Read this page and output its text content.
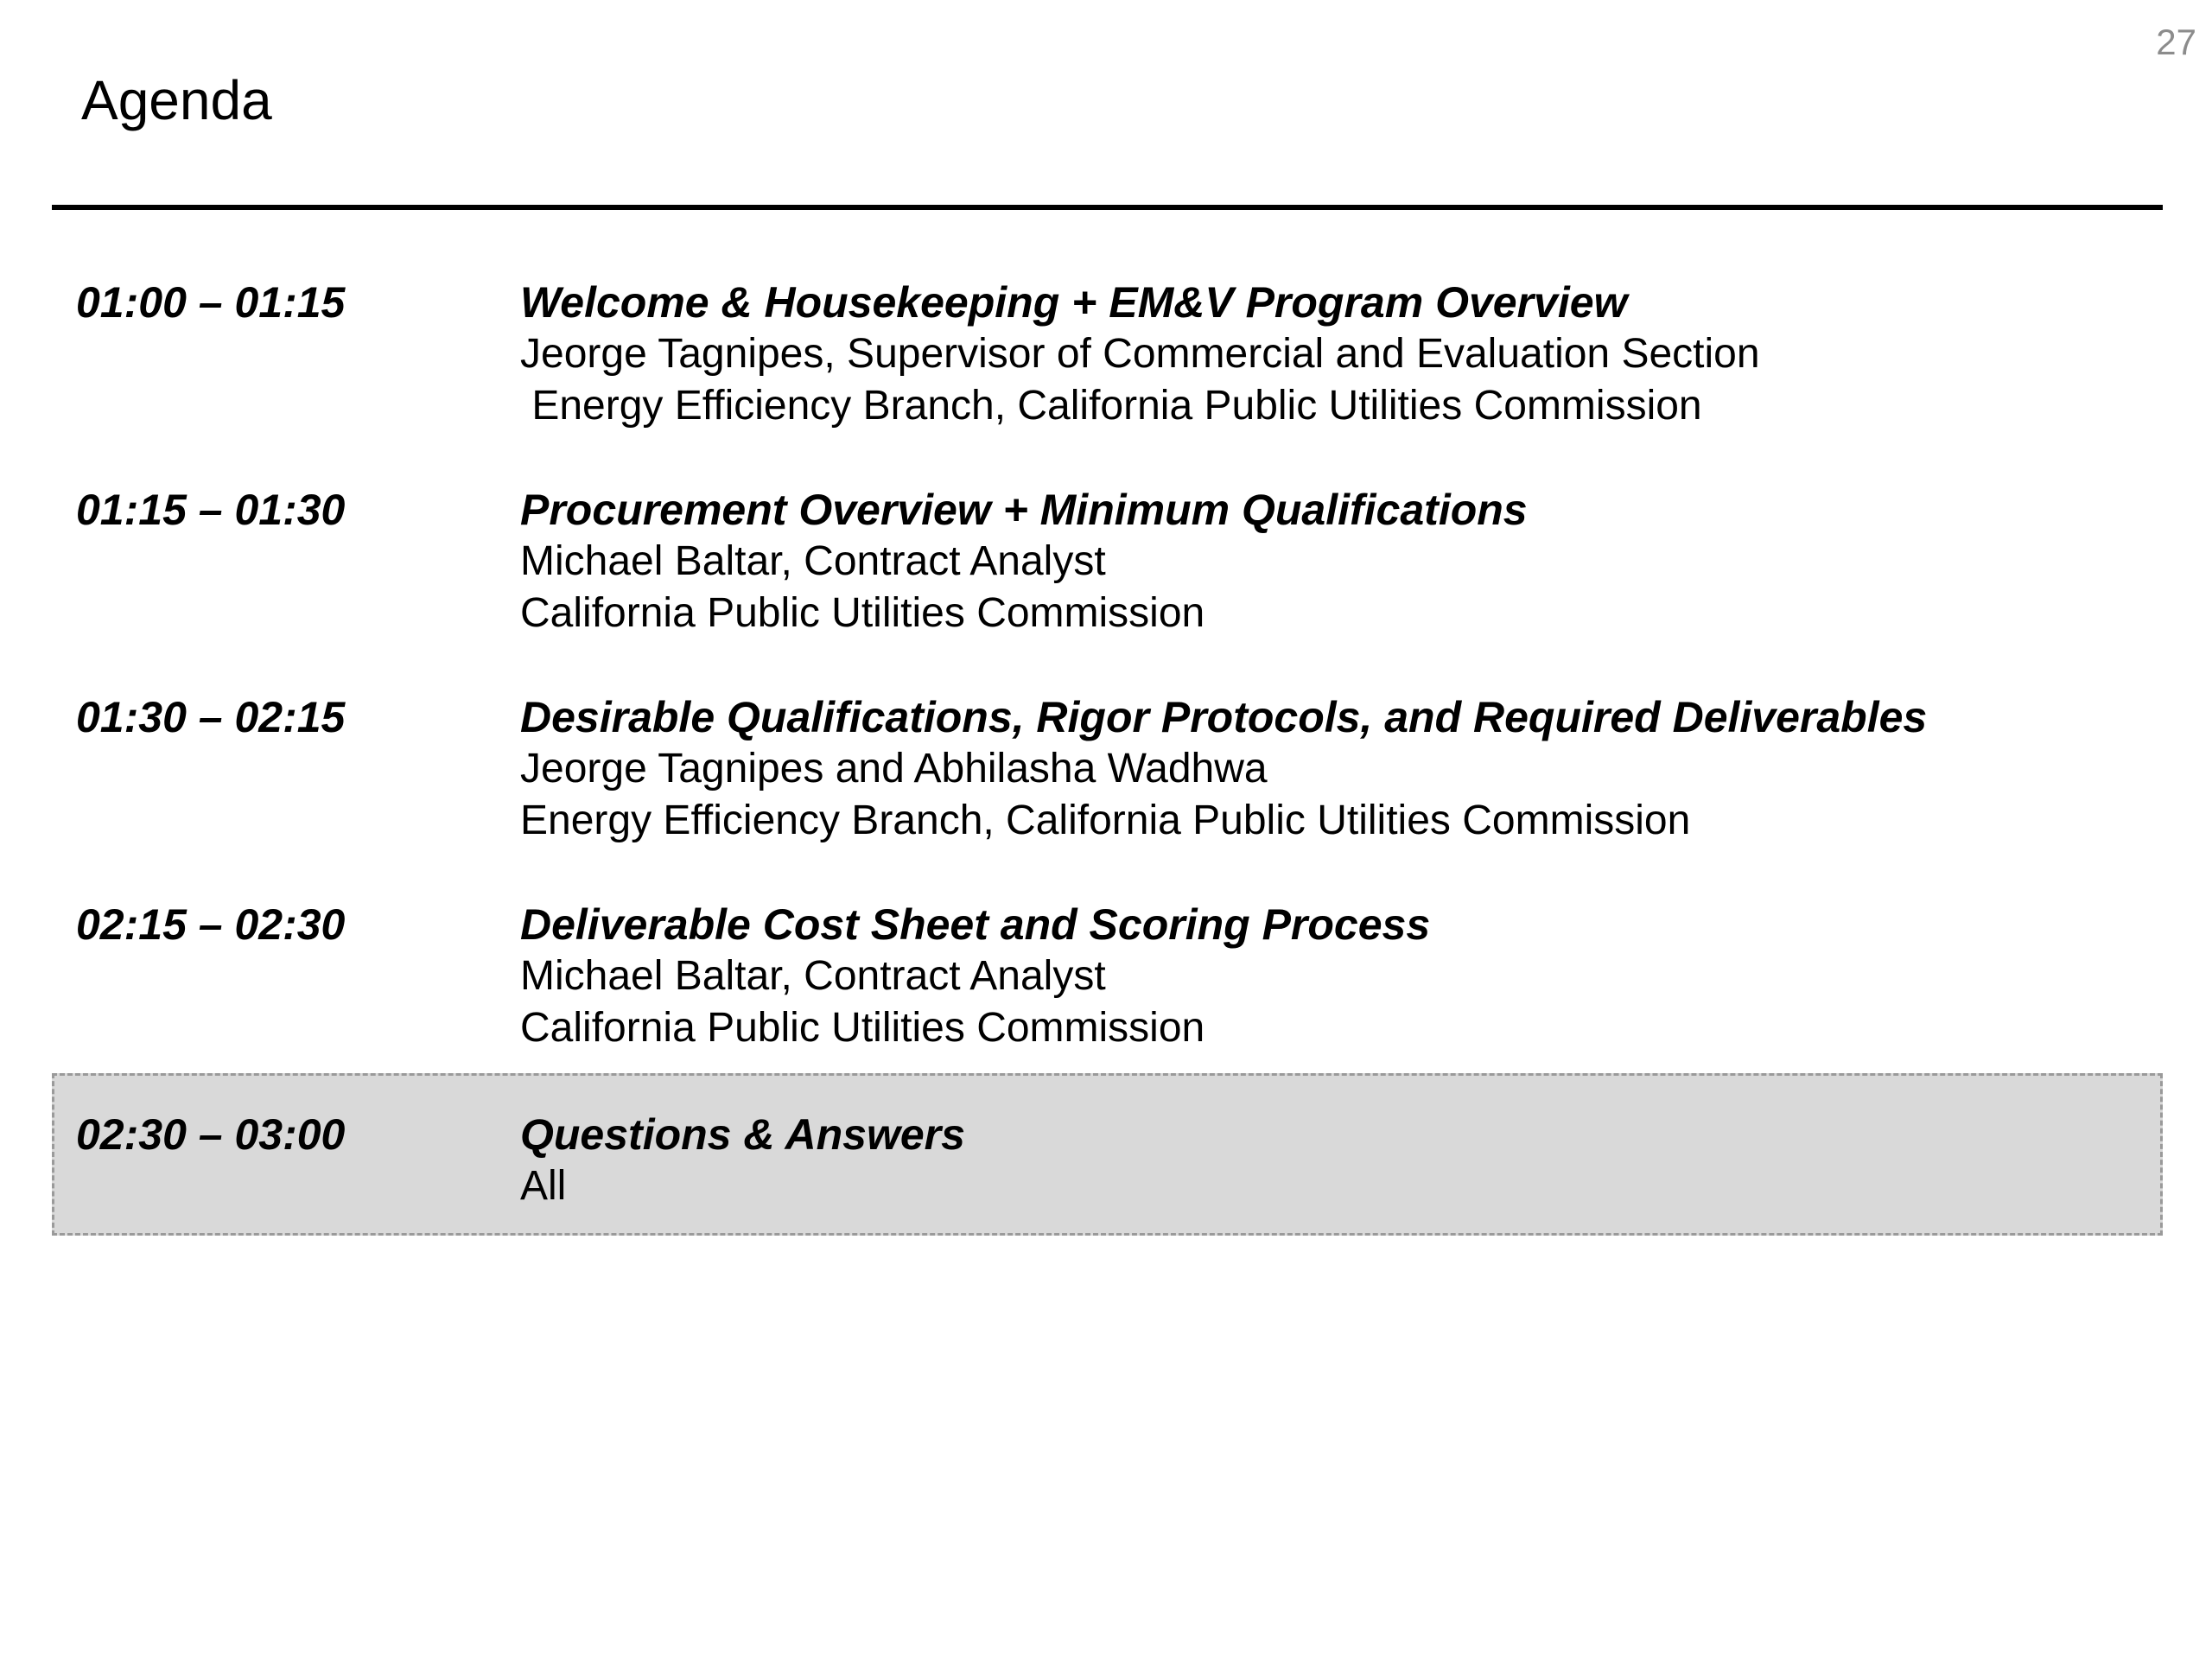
27
Agenda
01:00 – 01:15	Welcome & Housekeeping + EM&V Program Overview
Jeorge Tagnipes, Supervisor of Commercial and Evaluation Section
Energy Efficiency Branch, California Public Utilities Commission
01:15 – 01:30	Procurement Overview + Minimum Qualifications
Michael Baltar, Contract Analyst
California Public Utilities Commission
01:30 – 02:15	Desirable Qualifications, Rigor Protocols, and Required Deliverables
Jeorge Tagnipes and Abhilasha Wadhwa
Energy Efficiency Branch, California Public Utilities Commission
02:15 – 02:30	Deliverable Cost Sheet and Scoring Process
Michael Baltar, Contract Analyst
California Public Utilities Commission
02:30 – 03:00	Questions & Answers
All
